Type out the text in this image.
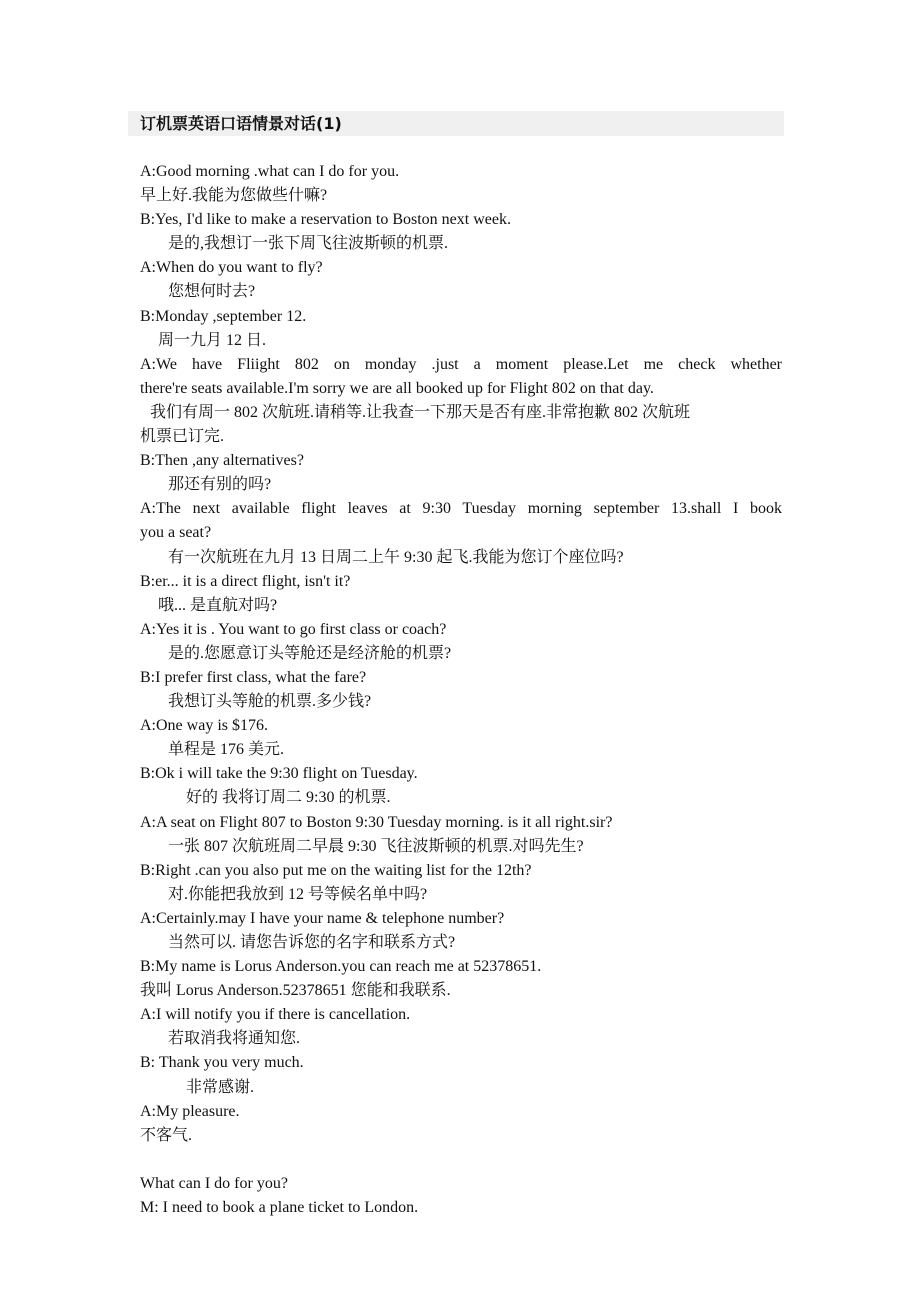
订机票英语口语情景对话(1)
A:Good morning .what can I do for you.
早上好.我能为您做些什嘛?
B:Yes, I'd like to make a reservation to Boston next week.
是的,我想订一张下周飞往波斯顿的机票.
A:When do you want to fly?
您想何时去?
B:Monday ,september 12.
周一九月 12 日.
A:We have Fliight 802 on monday .just a moment please.Let me check whether
there're seats available.I'm sorry we are all booked up for Flight 802 on that day.
我们有周一 802 次航班.请稍等.让我查一下那天是否有座.非常抱歉 802 次航班
机票已订完.
B:Then ,any alternatives?
那还有别的吗?
A:The next available flight leaves at 9:30 Tuesday morning september 13.shall I book
you a seat?
有一次航班在九月 13 日周二上午 9:30 起飞.我能为您订个座位吗?
B:er... it is a direct flight, isn't it?
哦... 是直航对吗?
A:Yes it is . You want to go first class or coach?
是的.您愿意订头等舱还是经济舱的机票?
B:I prefer first class, what the fare?
我想订头等舱的机票.多少钱?
A:One way is $176.
单程是 176 美元.
B:Ok i will take the 9:30 flight on Tuesday.
好的 我将订周二 9:30 的机票.
A:A seat on Flight 807 to Boston 9:30 Tuesday morning. is it all right.sir?
一张 807 次航班周二早晨 9:30 飞往波斯顿的机票.对吗先生?
B:Right .can you also put me on the waiting list for the 12th?
对.你能把我放到 12 号等候名单中吗?
A:Certainly.may I have your name & telephone number?
当然可以. 请您告诉您的名字和联系方式?
B:My name is Lorus Anderson.you can reach me at 52378651.
我叫 Lorus Anderson.52378651 您能和我联系.
A:I will notify you if there is cancellation.
若取消我将通知您.
B: Thank you very much.
非常感谢.
A:My pleasure.
不客气.
What can I do for you?
M: I need to book a plane ticket to London.
